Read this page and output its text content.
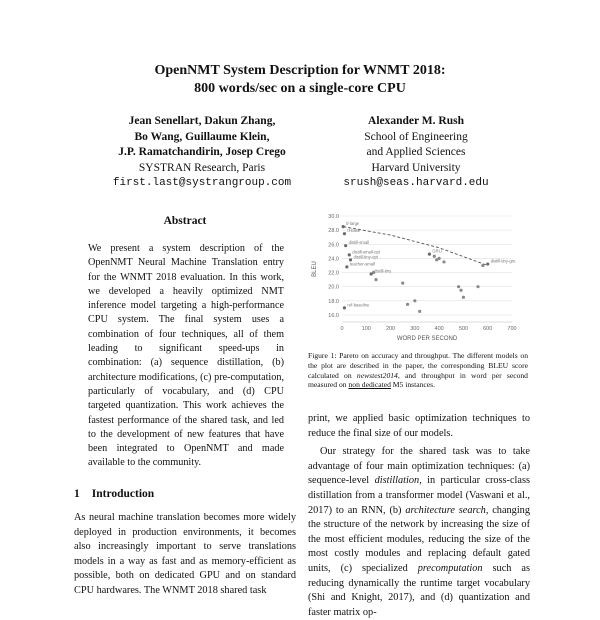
OpenNMT System Description for WNMT 2018:
800 words/sec on a single-core CPU
Jean Senellart, Dakun Zhang,
Bo Wang, Guillaume Klein,
J.P. Ramatchandirin, Josep Crego
SYSTRAN Research, Paris
first.last@systrangroup.com
Alexander M. Rush
School of Engineering
and Applied Sciences
Harvard University
srush@seas.harvard.edu
Abstract

We present a system description of the OpenNMT Neural Machine Translation entry for the WNMT 2018 evaluation. In this work, we developed a heavily optimized NMT inference model targeting a high-performance CPU system. The final system uses a combination of four techniques, all of them leading to significant speed-ups in combination: (a) sequence distillation, (b) architecture modifications, (c) pre-computation, particularly of vocabulary, and (d) CPU targeted quantization. This work achieves the fastest performance of the shared task, and led to the development of new features that have been integrated to OpenNMT and made available to the community.

1 Introduction

As neural machine translation becomes more widely deployed in production environments, it becomes also increasingly important to serve translations models in a way as fast and as memory-efficient as possible, both on dedicated GPU and on standard CPU hardwares. The WNMT 2018 shared task

16.0
18.0
20.0
22.0
24.0
26.0
28.0
30.0
0	100	200	300	400	500	600	700
WORD PER SECOND
BLEU
tf-large
tf-base
distill-small
distill-small-opt
distill-tiny-opt
distill-tiny-gru
teacher-small
distill-tiny
GRU
ref-baseline
Figure 1: Pareto on accuracy and throughput. The different models on the plot are described in the paper, the corresponding BLEU score calculated on newstest2014, and throughput in word per second measured on non dedicated M5 instances.

print, we applied basic optimization techniques to reduce the final size of our models.

Our strategy for the shared task was to take advantage of four main optimization techniques: (a) sequence-level distillation, in particular cross-class distillation from a transformer model (Vaswani et al., 2017) to an RNN, (b) architecture search, changing the structure of the network by increasing the size of the most efficient modules, reducing the size of the most costly modules and replacing default gated units, (c) specialized precomputation such as reducing dynamically the runtime target vocabulary (Shi and Knight, 2017), and (d) quantization and faster matrix op-
